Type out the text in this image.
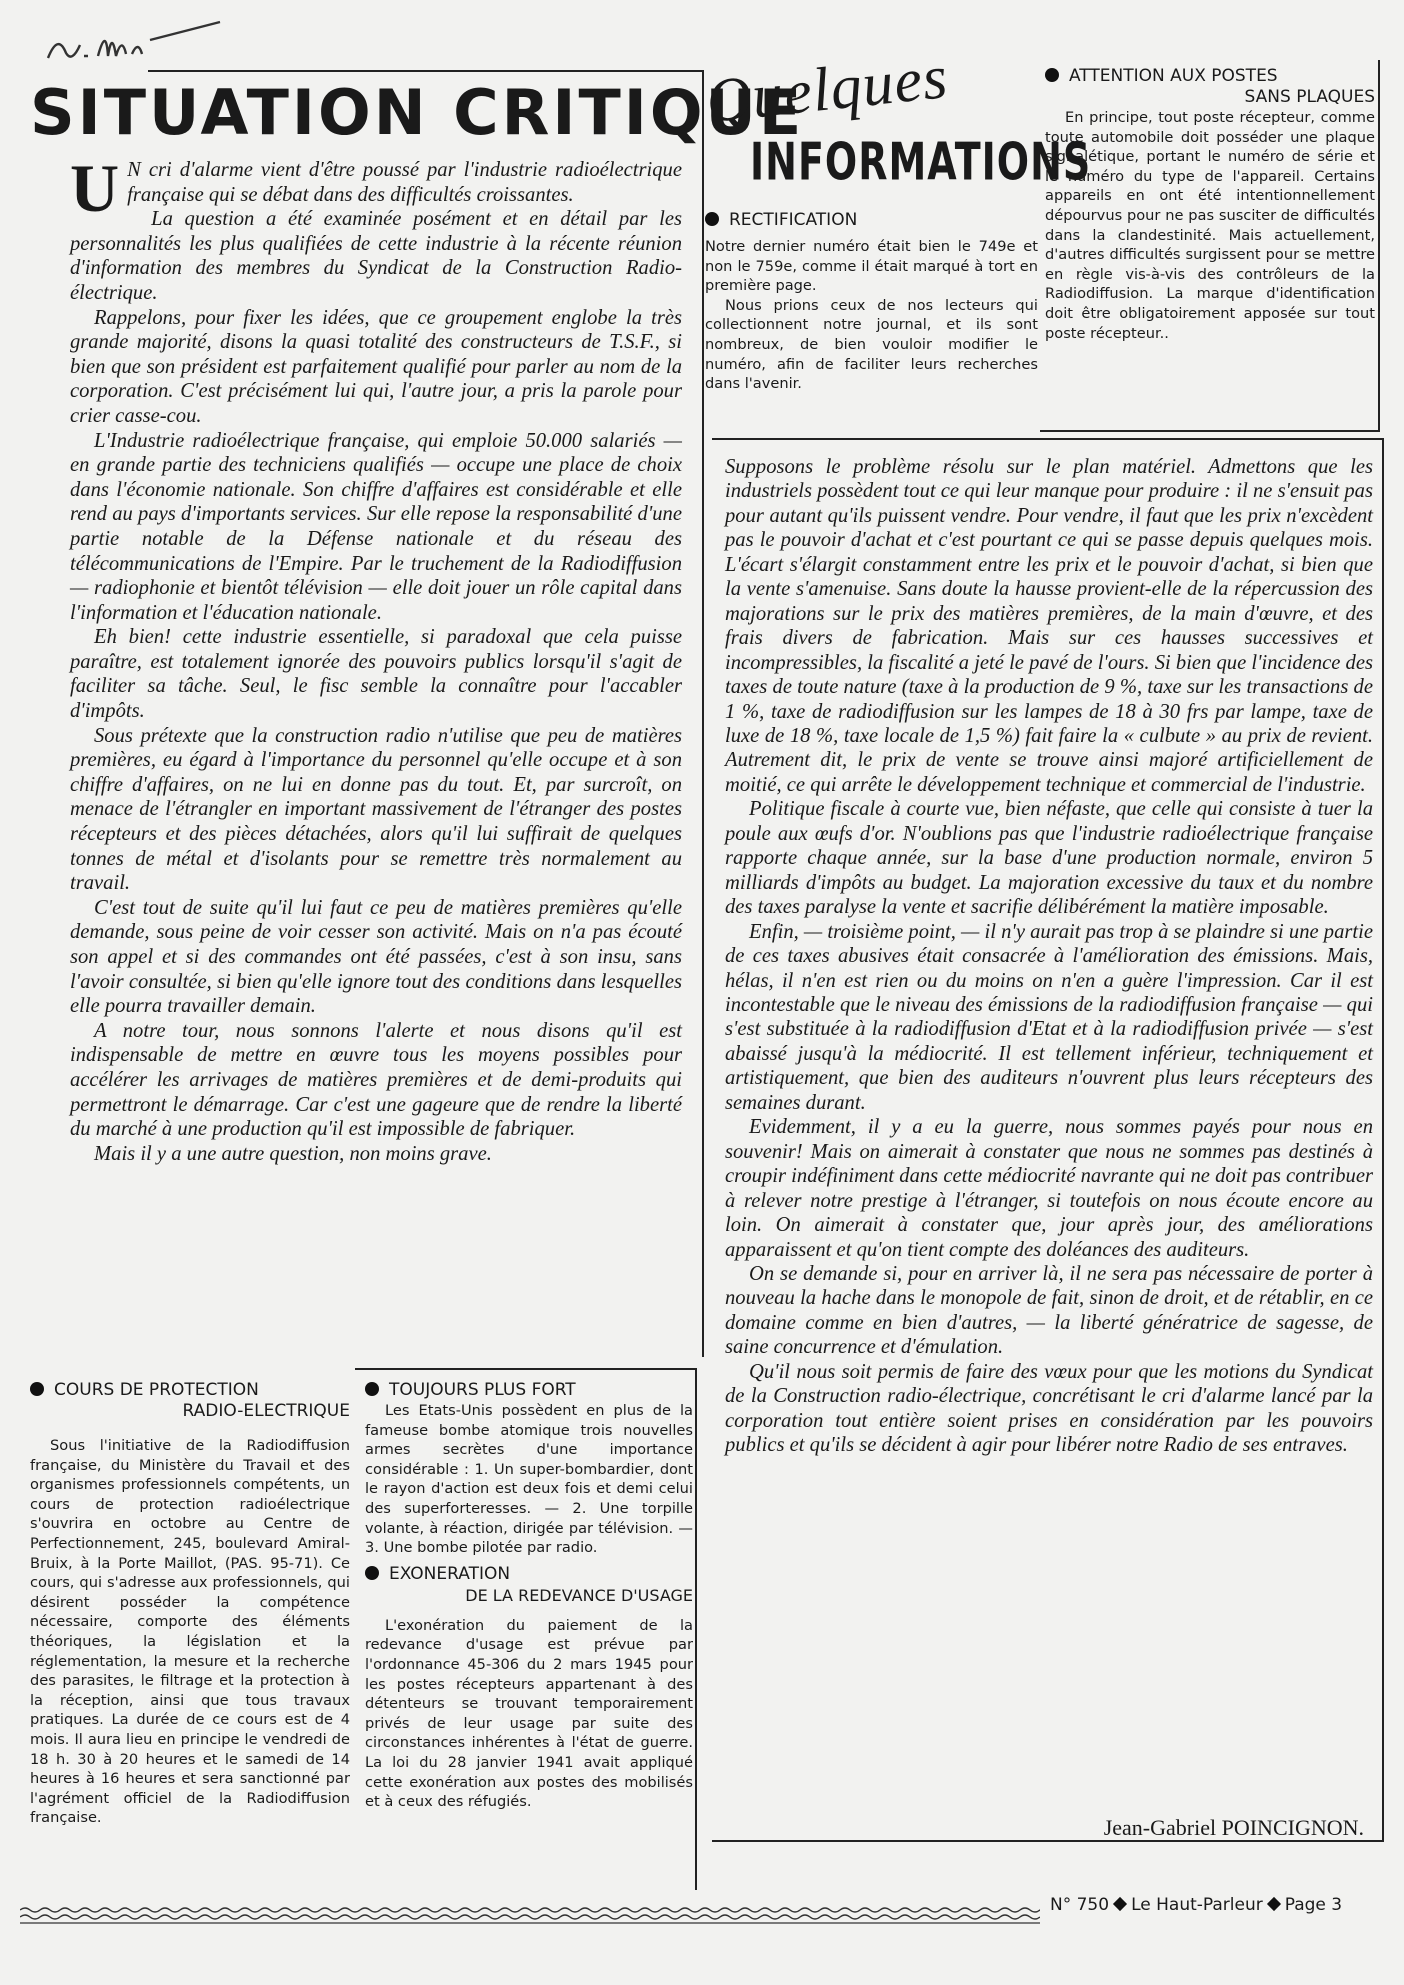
SITUATION CRITIQUE

U N cri d'alarme vient d'être poussé par l'industrie radioélectrique française qui se débat dans des difficultés croissantes.

La question a été examinée posément et en détail par les personnalités les plus qualifiées de cette industrie à la récente réunion d'information des membres du Syndicat de la Construction Radio-électrique.

Rappelons, pour fixer les idées, que ce groupement englobe la très grande majorité, disons la quasi totalité des constructeurs de T.S.F., si bien que son président est parfaitement qualifié pour parler au nom de la corporation. C'est précisément lui qui, l'autre jour, a pris la parole pour crier casse-cou.

L'Industrie radioélectrique française, qui emploie 50.000 salariés — en grande partie des techniciens qualifiés — occupe une place de choix dans l'économie nationale. Son chiffre d'affaires est considérable et elle rend au pays d'importants services. Sur elle repose la responsabilité d'une partie notable de la Défense nationale et du réseau des télécommunications de l'Empire. Par le truchement de la Radiodiffusion — radiophonie et bientôt télévision — elle doit jouer un rôle capital dans l'information et l'éducation nationale.

Eh bien! cette industrie essentielle, si paradoxal que cela puisse paraître, est totalement ignorée des pouvoirs publics lorsqu'il s'agit de faciliter sa tâche. Seul, le fisc semble la connaître pour l'accabler d'impôts.

Sous prétexte que la construction radio n'utilise que peu de matières premières, eu égard à l'importance du personnel qu'elle occupe et à son chiffre d'affaires, on ne lui en donne pas du tout. Et, par surcroît, on menace de l'étrangler en important massivement de l'étranger des postes récepteurs et des pièces détachées, alors qu'il lui suffirait de quelques tonnes de métal et d'isolants pour se remettre très normalement au travail.

C'est tout de suite qu'il lui faut ce peu de matières premières qu'elle demande, sous peine de voir cesser son activité. Mais on n'a pas écouté son appel et si des commandes ont été passées, c'est à son insu, sans l'avoir consultée, si bien qu'elle ignore tout des conditions dans lesquelles elle pourra travailler demain.

A notre tour, nous sonnons l'alerte et nous disons qu'il est indispensable de mettre en œuvre tous les moyens possibles pour accélérer les arrivages de matières premières et de demi-produits qui permettront le démarrage. Car c'est une gageure que de rendre la liberté du marché à une production qu'il est impossible de fabriquer.

Mais il y a une autre question, non moins grave.

Quelques
INFORMATIONS
RECTIFICATION

Notre dernier numéro était bien le 749e et non le 759e, comme il était marqué à tort en première page.

Nous prions ceux de nos lecteurs qui collectionnent notre journal, et ils sont nombreux, de bien vouloir modifier le numéro, afin de faciliter leurs recherches dans l'avenir.

ATTENTION AUX POSTES
SANS PLAQUES

En principe, tout poste récepteur, comme toute automobile doit posséder une plaque signalétique, portant le numéro de série et le numéro du type de l'appareil. Certains appareils en ont été intentionnellement dépourvus pour ne pas susciter de difficultés dans la clandestinité. Mais actuellement, d'autres difficultés surgissent pour se mettre en règle vis-à-vis des contrôleurs de la Radiodiffusion. La marque d'identification doit être obligatoirement apposée sur tout poste récepteur..

Supposons le problème résolu sur le plan matériel. Admettons que les industriels possèdent tout ce qui leur manque pour produire : il ne s'ensuit pas pour autant qu'ils puissent vendre. Pour vendre, il faut que les prix n'excèdent pas le pouvoir d'achat et c'est pourtant ce qui se passe depuis quelques mois. L'écart s'élargit constamment entre les prix et le pouvoir d'achat, si bien que la vente s'amenuise. Sans doute la hausse provient-elle de la répercussion des majorations sur le prix des matières premières, de la main d'œuvre, et des frais divers de fabrication. Mais sur ces hausses successives et incompressibles, la fiscalité a jeté le pavé de l'ours. Si bien que l'incidence des taxes de toute nature (taxe à la production de 9 %, taxe sur les transactions de 1 %, taxe de radiodiffusion sur les lampes de 18 à 30 frs par lampe, taxe de luxe de 18 %, taxe locale de 1,5 %) fait faire la « culbute » au prix de revient. Autrement dit, le prix de vente se trouve ainsi majoré artificiellement de moitié, ce qui arrête le développement technique et commercial de l'industrie.

Politique fiscale à courte vue, bien néfaste, que celle qui consiste à tuer la poule aux œufs d'or. N'oublions pas que l'industrie radioélectrique française rapporte chaque année, sur la base d'une production normale, environ 5 milliards d'impôts au budget. La majoration excessive du taux et du nombre des taxes paralyse la vente et sacrifie délibérément la matière imposable.

Enfin, — troisième point, — il n'y aurait pas trop à se plaindre si une partie de ces taxes abusives était consacrée à l'amélioration des émissions. Mais, hélas, il n'en est rien ou du moins on n'en a guère l'impression. Car il est incontestable que le niveau des émissions de la radiodiffusion française — qui s'est substituée à la radiodiffusion d'Etat et à la radiodiffusion privée — s'est abaissé jusqu'à la médiocrité. Il est tellement inférieur, techniquement et artistiquement, que bien des auditeurs n'ouvrent plus leurs récepteurs des semaines durant.

Evidemment, il y a eu la guerre, nous sommes payés pour nous en souvenir! Mais on aimerait à constater que nous ne sommes pas destinés à croupir indéfiniment dans cette médiocrité navrante qui ne doit pas contribuer à relever notre prestige à l'étranger, si toutefois on nous écoute encore au loin. On aimerait à constater que, jour après jour, des améliorations apparaissent et qu'on tient compte des doléances des auditeurs.

On se demande si, pour en arriver là, il ne sera pas nécessaire de porter à nouveau la hache dans le monopole de fait, sinon de droit, et de rétablir, en ce domaine comme en bien d'autres, — la liberté génératrice de sagesse, de saine concurrence et d'émulation.

Qu'il nous soit permis de faire des vœux pour que les motions du Syndicat de la Construction radio-électrique, concrétisant le cri d'alarme lancé par la corporation tout entière soient prises en considération par les pouvoirs publics et qu'ils se décident à agir pour libérer notre Radio de ses entraves.

Jean-Gabriel POINCIGNON.
COURS DE PROTECTION
RADIO-ELECTRIQUE

Sous l'initiative de la Radiodiffusion française, du Ministère du Travail et des organismes professionnels compétents, un cours de protection radioélectrique s'ouvrira en octobre au Centre de Perfectionnement, 245, boulevard Amiral-Bruix, à la Porte Maillot, (PAS. 95-71). Ce cours, qui s'adresse aux professionnels, qui désirent posséder la compétence nécessaire, comporte des éléments théoriques, la législation et la réglementation, la mesure et la recherche des parasites, le filtrage et la protection à la réception, ainsi que tous travaux pratiques. La durée de ce cours est de 4 mois. Il aura lieu en principe le vendredi de 18 h. 30 à 20 heures et le samedi de 14 heures à 16 heures et sera sanctionné par l'agrément officiel de la Radiodiffusion française.

TOUJOURS PLUS FORT

Les Etats-Unis possèdent en plus de la fameuse bombe atomique trois nouvelles armes secrètes d'une importance considérable : 1. Un super-bombardier, dont le rayon d'action est deux fois et demi celui des superforteresses. — 2. Une torpille volante, à réaction, dirigée par télévision. — 3. Une bombe pilotée par radio.

EXONERATION
DE LA REDEVANCE D'USAGE

L'exonération du paiement de la redevance d'usage est prévue par l'ordonnance 45-306 du 2 mars 1945 pour les postes récepteurs appartenant à des détenteurs se trouvant temporairement privés de leur usage par suite des circonstances inhérentes à l'état de guerre. La loi du 28 janvier 1941 avait appliqué cette exonération aux postes des mobilisés et à ceux des réfugiés.

N° 750 Le Haut-Parleur Page 3
